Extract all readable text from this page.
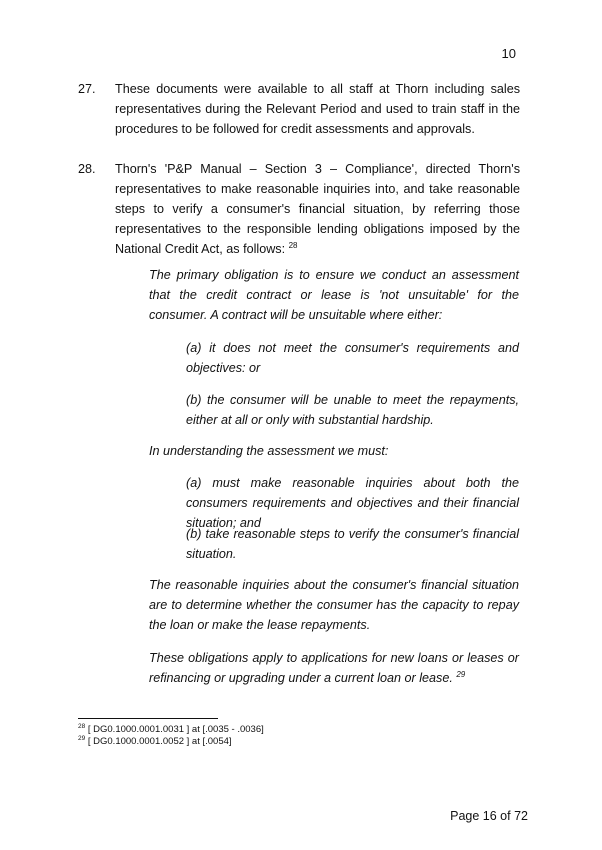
10
27. These documents were available to all staff at Thorn including sales representatives during the Relevant Period and used to train staff in the procedures to be followed for credit assessments and approvals.
28. Thorn's 'P&P Manual – Section 3 – Compliance', directed Thorn's representatives to make reasonable inquiries into, and take reasonable steps to verify a consumer's financial situation, by referring those representatives to the responsible lending obligations imposed by the National Credit Act, as follows: $^{28}$
The primary obligation is to ensure we conduct an assessment that the credit contract or lease is 'not unsuitable' for the consumer. A contract will be unsuitable where either:
(a) it does not meet the consumer's requirements and objectives: or
(b) the consumer will be unable to meet the repayments, either at all or only with substantial hardship.
In understanding the assessment we must:
(a) must make reasonable inquiries about both the consumers requirements and objectives and their financial situation; and
(b) take reasonable steps to verify the consumer's financial situation.
The reasonable inquiries about the consumer's financial situation are to determine whether the consumer has the capacity to repay the loan or make the lease repayments.
These obligations apply to applications for new loans or leases or refinancing or upgrading under a current loan or lease. $^{29}$
$^{28}$ [ DG0.1000.0001.0031 ] at [.0035 - .0036]
$^{29}$ [ DG0.1000.0001.0052 ] at [.0054]
Page 16 of 72
